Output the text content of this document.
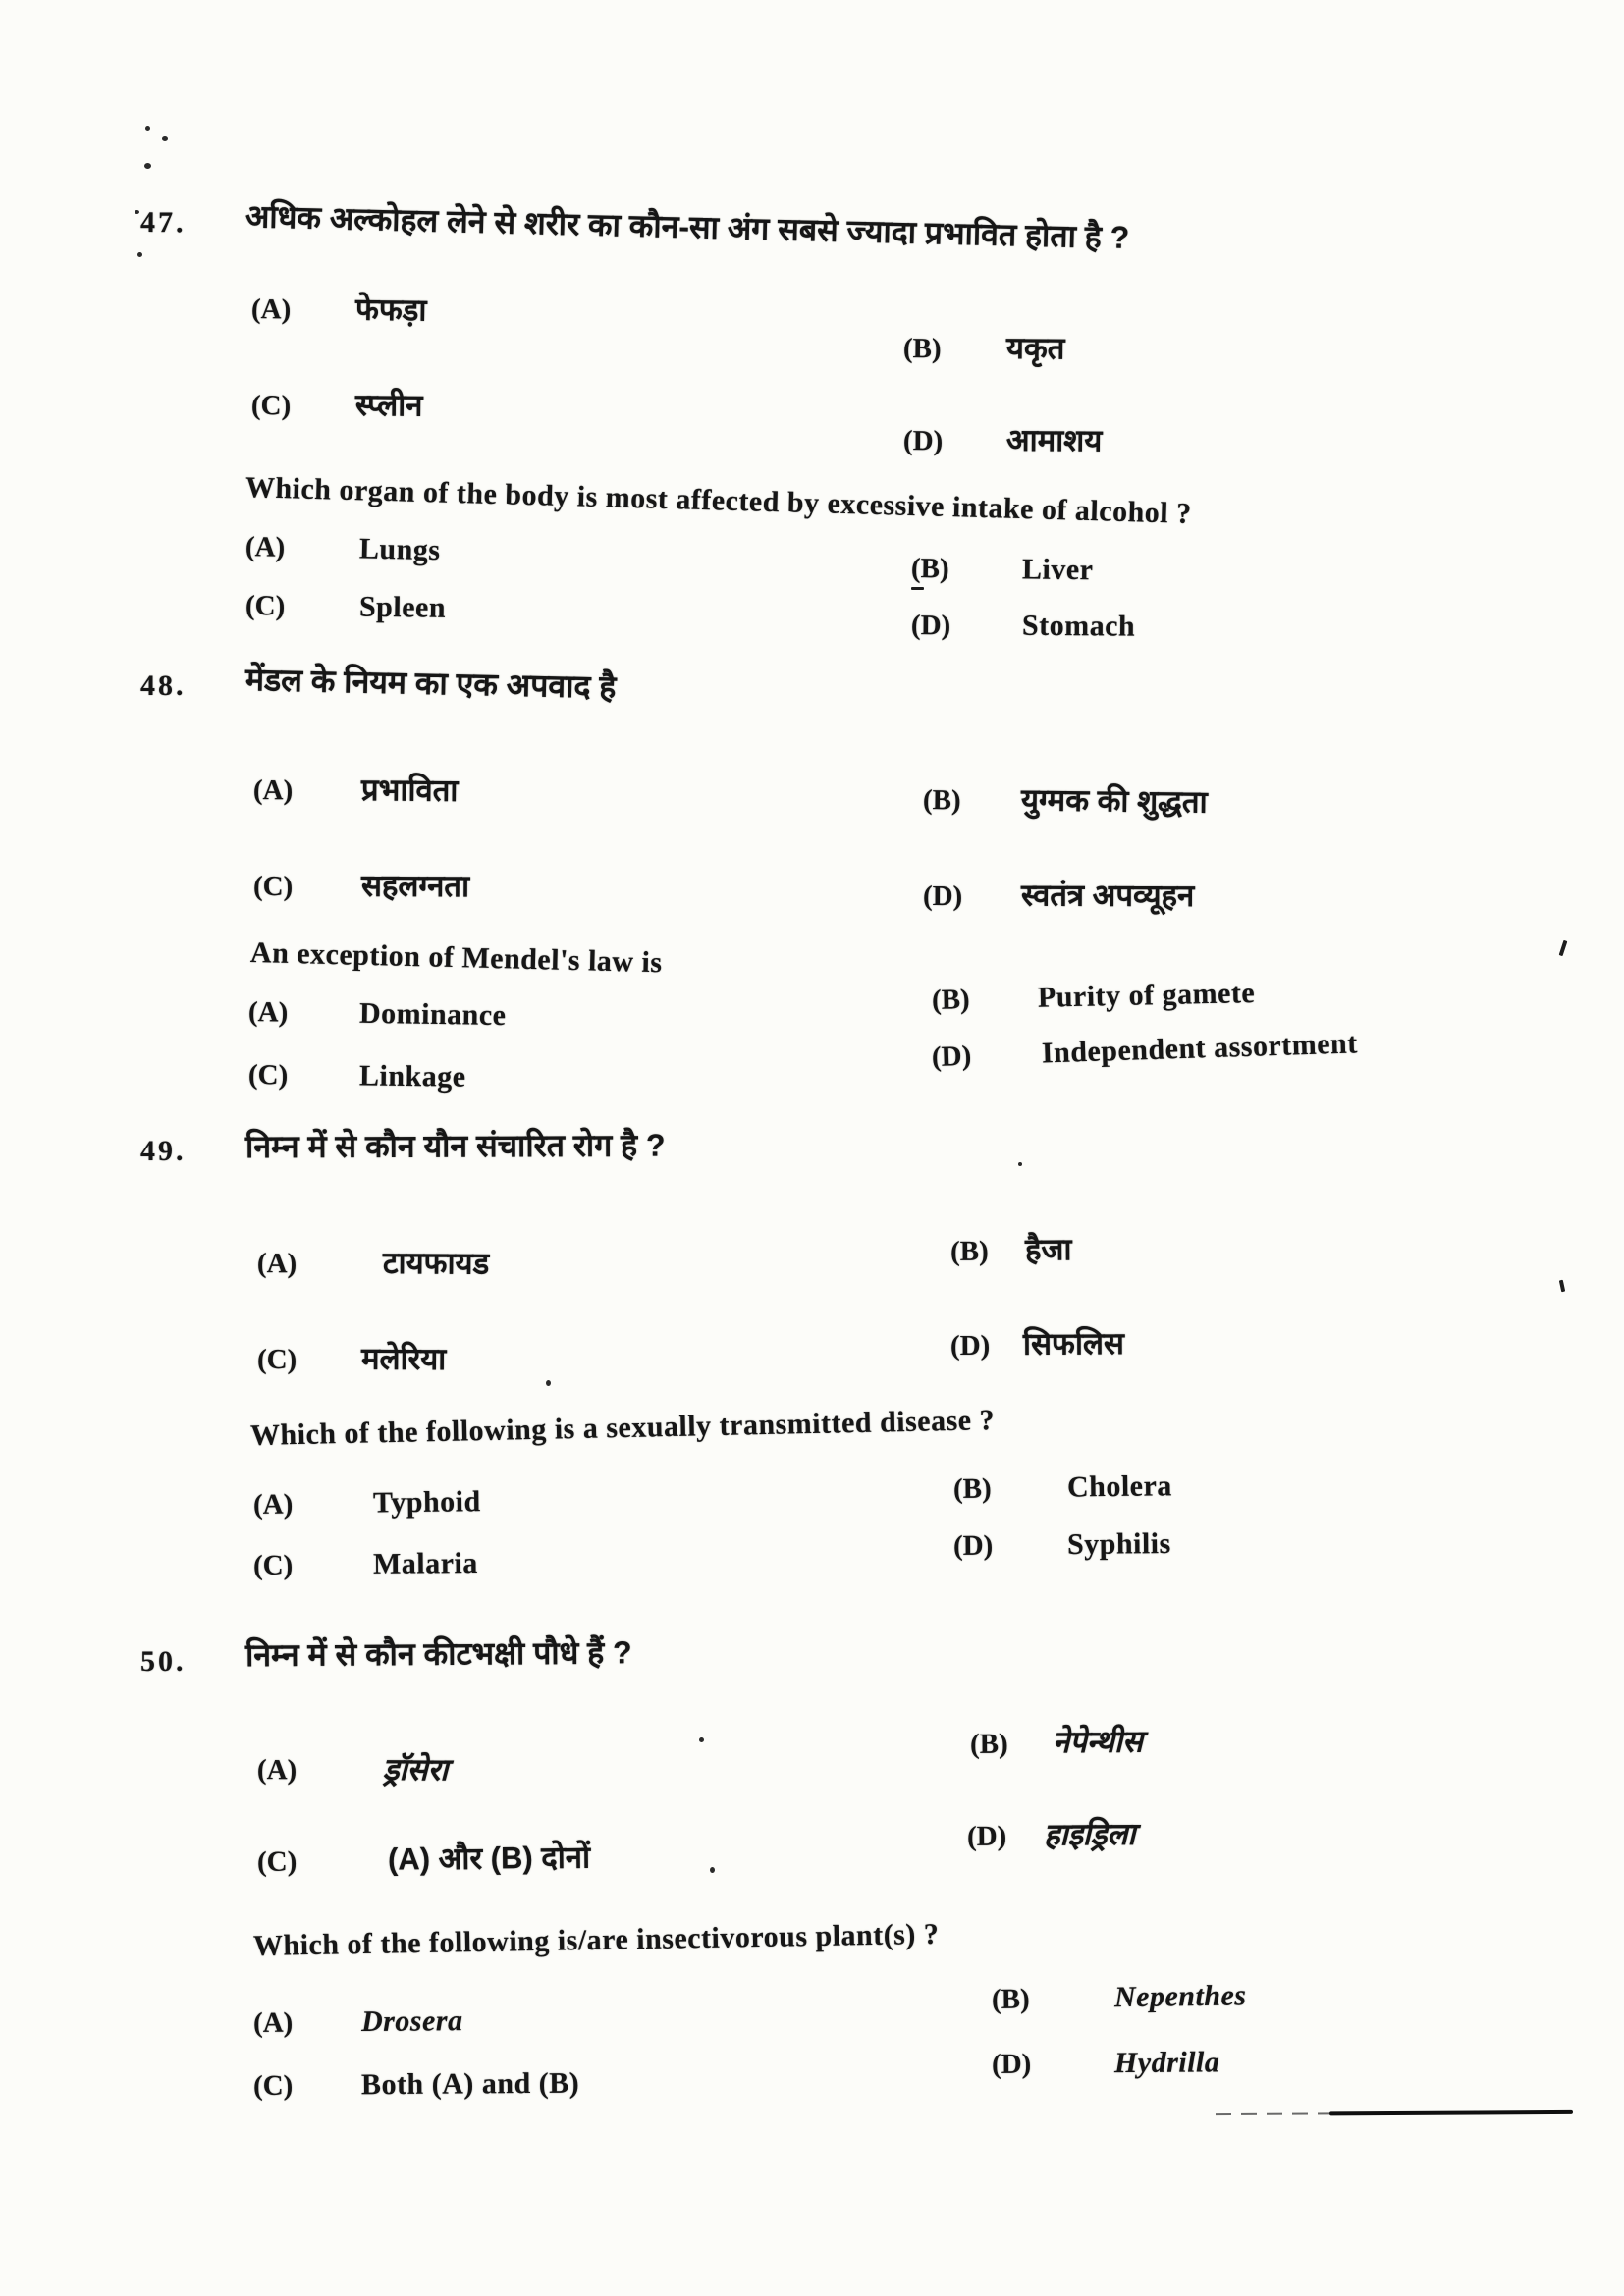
47. अधिक अल्कोहल लेने से शरीर का कौन-सा अंग सबसे ज्यादा प्रभावित होता है ?
(A)	फेफड़ा
(B)	यकृत
(C)	स्प्लीन
(D)	आमाशय
Which organ of the body is most affected by excessive intake of alcohol ?
(A)	Lungs
(B)	Liver
(C)	Spleen
(D)	Stomach
48. मेंडल के नियम का एक अपवाद है
(A)	प्रभाविता	(B)	युग्मक की शुद्धता
(C)	सहलग्नता	(D)	स्वतंत्र अपव्यूहन
An exception of Mendel's law is
(A)	Dominance	(B)	Purity of gamete
(C)	Linkage
(D)	Independent assortment
49. निम्न में से कौन यौन संचारित रोग है ?
(A)	टायफायड	(B)	हैजा
(C)	मलेरिया	(D)	सिफलिस
Which of the following is a sexually transmitted disease ?
(A)	Typhoid	(B)	Cholera
(C)	Malaria
(D)	Syphilis
50. निम्न में से कौन कीटभक्षी पौधे हैं ?
(A)	ड्रॉसेरा
(B)	नेपेन्थीस
(C)	(A) और (B) दोनों
(D)	हाइड्रिला
Which of the following is/are insectivorous plant(s) ?
(A)	Drosera
(B)	Nepenthes
(C)	Both (A) and (B)
(D)	Hydrilla
